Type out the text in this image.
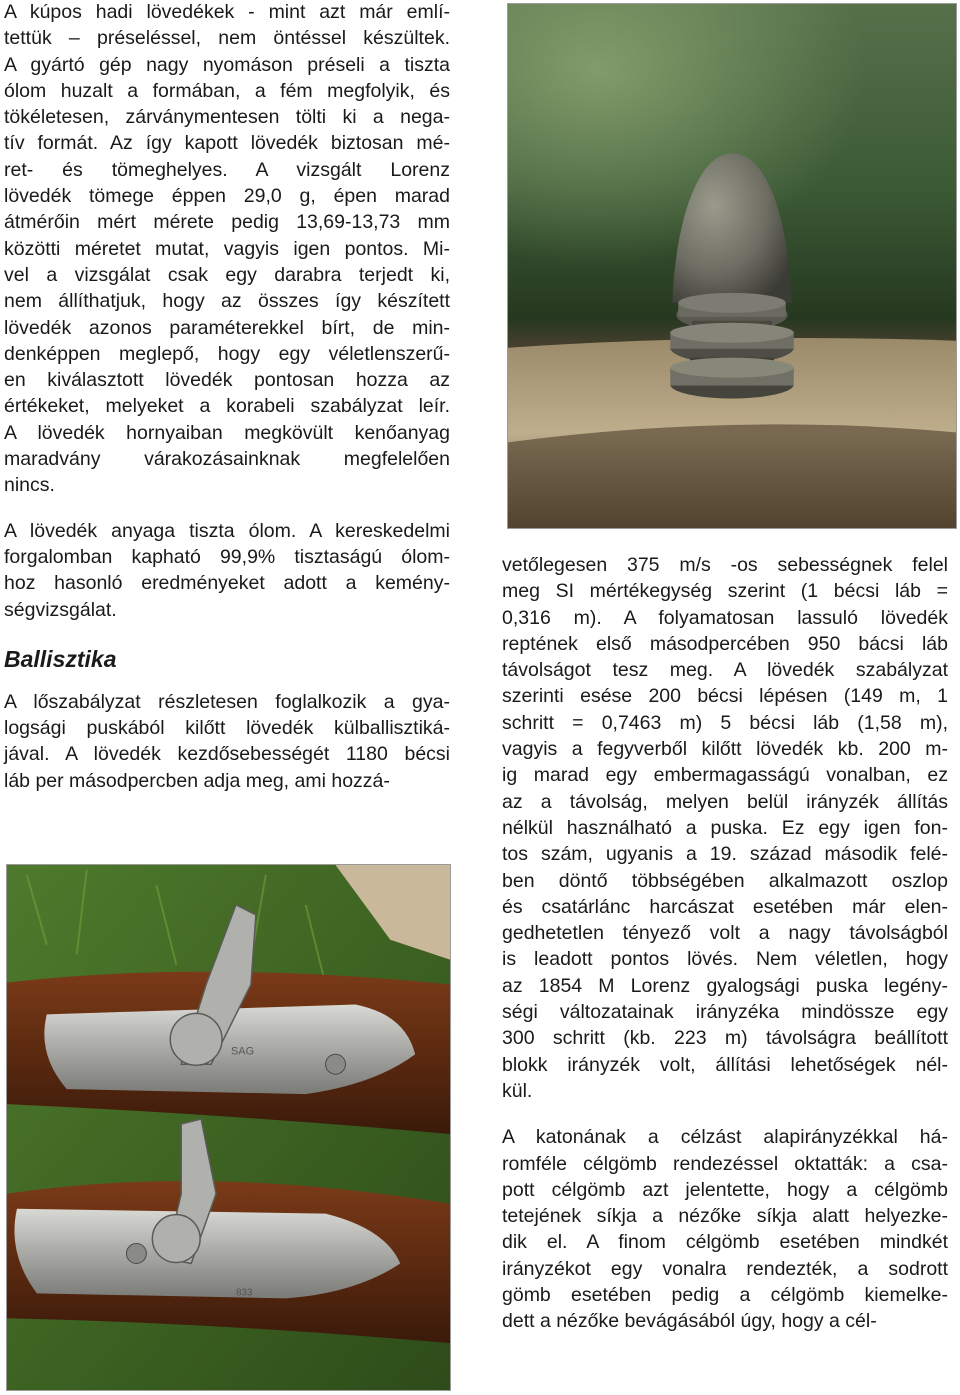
A kúpos hadi lövedékek - mint azt már emlí-
tettük – préseléssel, nem öntéssel készültek.
A gyártó gép nagy nyomáson préseli a tiszta
ólom huzalt a formában, a fém megfolyik, és
tökéletesen, zárványmentesen tölti ki a nega-
tív formát. Az így kapott lövedék biztosan mé-
ret- és tömeghelyes. A vizsgált Lorenz
lövedék tömege éppen 29,0 g, épen marad
átmérőin mért mérete pedig 13,69-13,73 mm
közötti méretet mutat, vagyis igen pontos. Mi-
vel a vizsgálat csak egy darabra terjedt ki,
nem állíthatjuk, hogy az összes így készített
lövedék azonos paraméterekkel bírt, de min-
denképpen meglepő, hogy egy véletlenszerű-
en kiválasztott lövedék pontosan hozza az
értékeket, melyeket a korabeli szabályzat leír.
A lövedék hornyaiban megkövült kenőanyag
maradvány várakozásainknak megfelelően
nincs.
A lövedék anyaga tiszta ólom. A kereskedelmi
forgalomban kapható 99,9% tisztaságú ólom-
hoz hasonló eredményeket adott a kemény-
ségvizsgálat.
Ballisztika
A lőszabályzat részletesen foglalkozik a gya-
logsági puskából kilőtt lövedék külballisztiká-
jával. A lövedék kezdősebességét 1180 bécsi
láb per másodpercben adja meg, ami hozzá-
vetőlegesen 375 m/s -os sebességnek felel
meg SI mértékegység szerint (1 bécsi láb =
0,316 m). A folyamatosan lassuló lövedék
reptének első másodpercében 950 bácsi láb
távolságot tesz meg. A lövedék szabályzat
szerinti esése 200 bécsi lépésen (149 m, 1
schritt = 0,7463 m) 5 bécsi láb (1,58 m),
vagyis a fegyverből kilőtt lövedék kb. 200 m-
ig marad egy embermagasságú vonalban, ez
az a távolság, melyen belül irányzék állítás
nélkül használható a puska. Ez egy igen fon-
tos szám, ugyanis a 19. század második felé-
ben döntő többségében alkalmazott oszlop
és csatárlánc harcászat esetében már elen-
gedhetetlen tényező volt a nagy távolságból
is leadott pontos lövés. Nem véletlen, hogy
az 1854 M Lorenz gyalogsági puska legény-
ségi változatainak irányzéka mindössze egy
300 schritt (kb. 223 m) távolságra beállított
blokk irányzék volt, állítási lehetőségek nél-
kül.
A katonának a célzást alapirányzékkal há-
romféle célgömb rendezéssel oktatták: a csa-
pott célgömb azt jelentette, hogy a célgömb
tetejének síkja a nézőke síkja alatt helyezke-
dik el. A finom célgömb esetében mindkét
irányzékot egy vonalra rendezték, a sodrott
gömb esetében pedig a célgömb kiemelke-
dett a nézőke bevágásából úgy, hogy a cél-
SAG
833
